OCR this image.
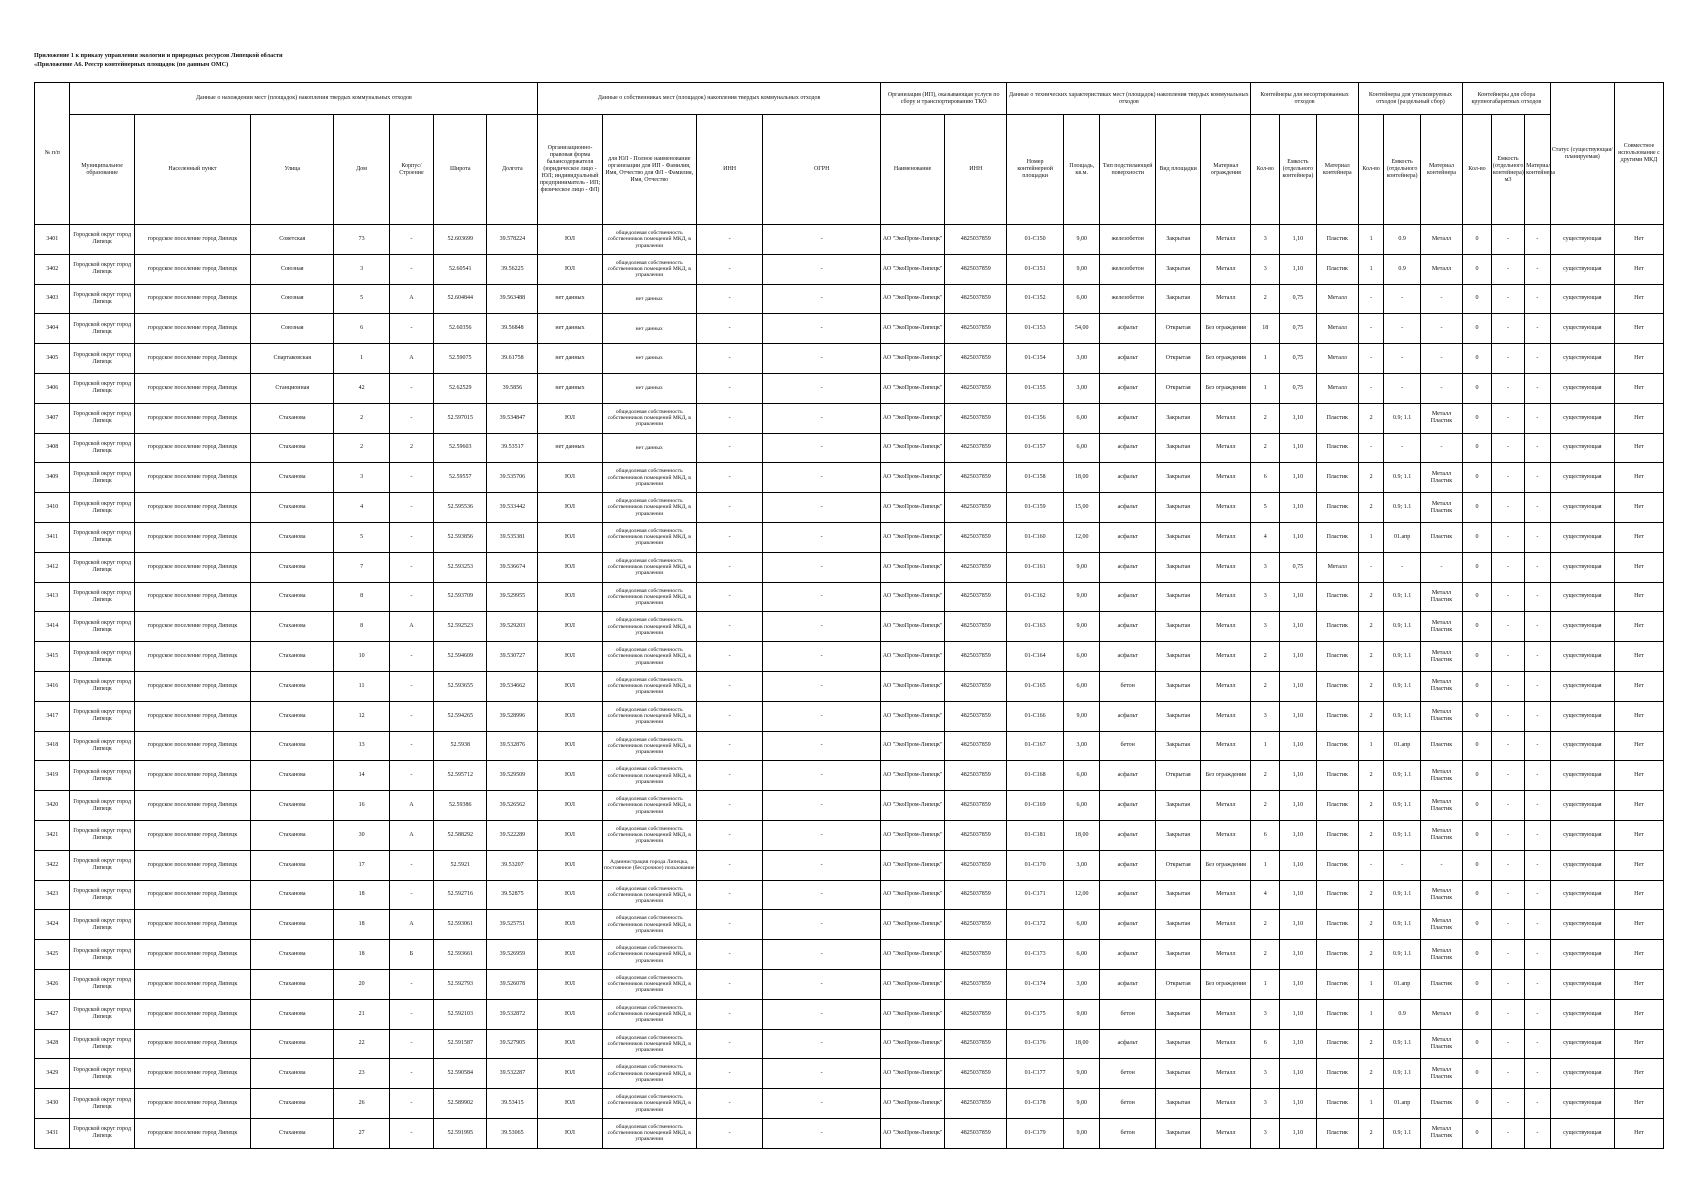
Приложение 1 к приказу управления экологии и природных ресурсов Липецкой области
«Приложение А6. Реестр контейнерных площадок (по данным ОМС)
№ п/п	Данные о нахождении мест (площадок) накопления твердых коммунальных отходов							Данные о собственниках мест (площадок) накопления твердых коммунальных отходов				Организация (ИП), оказывающая услуги по сбору и транспортированию ТКО		Данные о технических характеристиках мест (площадок) накопления твердых коммунальных отходов					Контейнеры для несортированных отходов			Контейнеры для утилизируемых отходов (раздельный сбор)			Контейнеры для сбора крупногабаритных отходов			Статус (существующая/ планируемая)	Совместное использование с другими МКД
	Муниципальное образование	Населенный пункт	Улица	Дом	Корпус/Строение	Широта	Долгота	Организационно-правовая форма балансодержателя (юридическое лицо - ЮЛ; индивидуальный предприниматель - ИП; физическое лицо - ФЛ)	для ЮЛ - Полное наименование организации для ИП - Фамилия, Имя, Отчество для ФЛ - Фамилия, Имя, Отчество	ИНН	ОГРН	Наименование	ИНН	Номер контейнерной площадки	Площадь, кв.м.	Тип подстилающей поверхности	Вид площадки	Материал ограждения	Кол-во	Емкость (отдельного контейнера)	Материал контейнера	Кол-во	Емкость (отдельного контейнера)	Материал контейнера	Кол-во	Емкость (отдельного контейнера) м3	Материал контейнера		
3401	Городской округ город Липецк	городское поселение город Липецк	Советская	73	-	52.603699	39.578224	ЮЛ	общедолевая собственность собственников помещений МКД, в управлении	-	-	АО "ЭкоПром-Липецк"	4825037859	01-С150	9,00	железобетон	Закрытая	Металл	3	1,10	Пластик	1	0.9	Металл	0	-	-	существующая	Нет
3402	Городской округ город Липецк	городское поселение город Липецк	Союзная	3	-	52.60541	39.56225	ЮЛ	общедолевая собственность собственников помещений МКД, в управлении	-	-	АО "ЭкоПром-Липецк"	4825037859	01-С151	9,00	железобетон	Закрытая	Металл	3	1,10	Пластик	1	0.9	Металл	0	-	-	существующая	Нет
3403	Городской округ город Липецк	городское поселение город Липецк	Союзная	5	А	52.604844	39.563488	нет данных	нет данных	-	-	АО "ЭкоПром-Липецк"	4825037859	01-С152	6,00	железобетон	Закрытая	Металл	2	0,75	Металл	-	-	-	0	-	-	существующая	Нет
3404	Городской округ город Липецк	городское поселение город Липецк	Союзная	6	-	52.60356	39.56848	нет данных	нет данных	-	-	АО "ЭкоПром-Липецк"	4825037859	01-С153	54,00	асфальт	Открытая	Без ограждения	18	0,75	Металл	-	-	-	0	-	-	существующая	Нет
3405	Городской округ город Липецк	городское поселение город Липецк	Спартаковская	1	А	52.59075	39.61758	нет данных	нет данных	-	-	АО "ЭкоПром-Липецк"	4825037859	01-С154	3,00	асфальт	Открытая	Без ограждения	1	0,75	Металл	-	-	-	0	-	-	существующая	Нет
3406	Городской округ город Липецк	городское поселение город Липецк	Станционная	42	-	52.62529	39.5856	нет данных	нет данных	-	-	АО "ЭкоПром-Липецк"	4825037859	01-С155	3,00	асфальт	Открытая	Без ограждения	1	0,75	Металл	-	-	-	0	-	-	существующая	Нет
3407	Городской округ город Липецк	городское поселение город Липецк	Стаханова	2	-	52.597015	39.534847	ЮЛ	общедолевая собственность собственников помещений МКД, в управлении	-	-	АО "ЭкоПром-Липецк"	4825037859	01-С156	6,00	асфальт	Закрытая	Металл	2	1,10	Пластик	2	0.9; 1.1	Металл Пластик	0	-	-	существующая	Нет
3408	Городской округ город Липецк	городское поселение город Липецк	Стаханова	2	2	52.59603	39.53517	нет данных	нет данных	-	-	АО "ЭкоПром-Липецк"	4825037859	01-С157	6,00	асфальт	Закрытая	Металл	2	1,10	Пластик	-	-	-	0	-	-	существующая	Нет
3409	Городской округ город Липецк	городское поселение город Липецк	Стаханова	3	-	52.59557	39.535706	ЮЛ	общедолевая собственность собственников помещений МКД, в управлении	-	-	АО "ЭкоПром-Липецк"	4825037859	01-С158	18,00	асфальт	Закрытая	Металл	6	1,10	Пластик	2	0.9; 1.1	Металл Пластик	0	-	-	существующая	Нет
3410	Городской округ город Липецк	городское поселение город Липецк	Стаханова	4	-	52.595536	39.533442	ЮЛ	общедолевая собственность собственников помещений МКД, в управлении	-	-	АО "ЭкоПром-Липецк"	4825037859	01-С159	15,00	асфальт	Закрытая	Металл	5	1,10	Пластик	2	0.9; 1.1	Металл Пластик	0	-	-	существующая	Нет
3411	Городской округ город Липецк	городское поселение город Липецк	Стаханова	5	-	52.593856	39.535381	ЮЛ	общедолевая собственность собственников помещений МКД, в управлении	-	-	АО "ЭкоПром-Липецк"	4825037859	01-С160	12,00	асфальт	Закрытая	Металл	4	1,10	Пластик	1	01.апр	Пластик	0	-	-	существующая	Нет
3412	Городской округ город Липецк	городское поселение город Липецк	Стаханова	7	-	52.593253	39.536674	ЮЛ	общедолевая собственность собственников помещений МКД, в управлении	-	-	АО "ЭкоПром-Липецк"	4825037859	01-С161	9,00	асфальт	Закрытая	Металл	3	0,75	Металл	-	-	-	0	-	-	существующая	Нет
3413	Городской округ город Липецк	городское поселение город Липецк	Стаханова	8	-	52.593709	39.529955	ЮЛ	общедолевая собственность собственников помещений МКД, в управлении	-	-	АО "ЭкоПром-Липецк"	4825037859	01-С162	9,00	асфальт	Закрытая	Металл	3	1,10	Пластик	2	0.9; 1.1	Металл Пластик	0	-	-	существующая	Нет
3414	Городской округ город Липецк	городское поселение город Липецк	Стаханова	8	А	52.592523	39.529203	ЮЛ	общедолевая собственность собственников помещений МКД, в управлении	-	-	АО "ЭкоПром-Липецк"	4825037859	01-С163	9,00	асфальт	Закрытая	Металл	3	1,10	Пластик	2	0.9; 1.1	Металл Пластик	0	-	-	существующая	Нет
3415	Городской округ город Липецк	городское поселение город Липецк	Стаханова	10	-	52.594609	39.530727	ЮЛ	общедолевая собственность собственников помещений МКД, в управлении	-	-	АО "ЭкоПром-Липецк"	4825037859	01-С164	6,00	асфальт	Закрытая	Металл	2	1,10	Пластик	2	0.9; 1.1	Металл Пластик	0	-	-	существующая	Нет
3416	Городской округ город Липецк	городское поселение город Липецк	Стаханова	11	-	52.593655	39.534662	ЮЛ	общедолевая собственность собственников помещений МКД, в управлении	-	-	АО "ЭкоПром-Липецк"	4825037859	01-С165	6,00	бетон	Закрытая	Металл	2	1,10	Пластик	2	0.9; 1.1	Металл Пластик	0	-	-	существующая	Нет
3417	Городской округ город Липецк	городское поселение город Липецк	Стаханова	12	-	52.594265	39.528996	ЮЛ	общедолевая собственность собственников помещений МКД, в управлении	-	-	АО "ЭкоПром-Липецк"	4825037859	01-С166	9,00	асфальт	Закрытая	Металл	3	1,10	Пластик	2	0.9; 1.1	Металл Пластик	0	-	-	существующая	Нет
3418	Городской округ город Липецк	городское поселение город Липецк	Стаханова	13	-	52.5938	39.532876	ЮЛ	общедолевая собственность собственников помещений МКД, в управлении	-	-	АО "ЭкоПром-Липецк"	4825037859	01-С167	3,00	бетон	Закрытая	Металл	1	1,10	Пластик	1	01.апр	Пластик	0	-	-	существующая	Нет
3419	Городской округ город Липецк	городское поселение город Липецк	Стаханова	14	-	52.595712	39.529509	ЮЛ	общедолевая собственность собственников помещений МКД, в управлении	-	-	АО "ЭкоПром-Липецк"	4825037859	01-С168	6,00	асфальт	Открытая	Без ограждения	2	1,10	Пластик	2	0.9; 1.1	Металл Пластик	0	-	-	существующая	Нет
3420	Городской округ город Липецк	городское поселение город Липецк	Стаханова	16	А	52.59386	39.526562	ЮЛ	общедолевая собственность собственников помещений МКД, в управлении	-	-	АО "ЭкоПром-Липецк"	4825037859	01-С169	6,00	асфальт	Закрытая	Металл	2	1,10	Пластик	2	0.9; 1.1	Металл Пластик	0	-	-	существующая	Нет
3421	Городской округ город Липецк	городское поселение город Липецк	Стаханова	30	А	52.588292	39.522289	ЮЛ	общедолевая собственность собственников помещений МКД, в управлении	-	-	АО "ЭкоПром-Липецк"	4825037859	01-С181	18,00	асфальт	Закрытая	Металл	6	1,10	Пластик	2	0.9; 1.1	Металл Пластик	0	-	-	существующая	Нет
3422	Городской округ город Липецк	городское поселение город Липецк	Стаханова	17	-	52.5921	39.53207	ЮЛ	Администрация города Липецка, постоянное (бессрочное) пользование	-	-	АО "ЭкоПром-Липецк"	4825037859	01-С170	3,00	асфальт	Открытая	Без ограждения	1	1,10	Пластик	-	-	-	0	-	-	существующая	Нет
3423	Городской округ город Липецк	городское поселение город Липецк	Стаханова	18	-	52.592716	39.52875	ЮЛ	общедолевая собственность собственников помещений МКД, в управлении	-	-	АО "ЭкоПром-Липецк"	4825037859	01-С171	12,00	асфальт	Закрытая	Металл	4	1,10	Пластик	2	0.9; 1.1	Металл Пластик	0	-	-	существующая	Нет
3424	Городской округ город Липецк	городское поселение город Липецк	Стаханова	18	А	52.593061	39.525751	ЮЛ	общедолевая собственность собственников помещений МКД, в управлении	-	-	АО "ЭкоПром-Липецк"	4825037859	01-С172	6,00	асфальт	Закрытая	Металл	2	1,10	Пластик	2	0.9; 1.1	Металл Пластик	0	-	-	существующая	Нет
3425	Городской округ город Липецк	городское поселение город Липецк	Стаханова	18	Б	52.593661	39.526959	ЮЛ	общедолевая собственность собственников помещений МКД, в управлении	-	-	АО "ЭкоПром-Липецк"	4825037859	01-С173	6,00	асфальт	Закрытая	Металл	2	1,10	Пластик	2	0.9; 1.1	Металл Пластик	0	-	-	существующая	Нет
3426	Городской округ город Липецк	городское поселение город Липецк	Стаханова	20	-	52.592793	39.526078	ЮЛ	общедолевая собственность собственников помещений МКД, в управлении	-	-	АО "ЭкоПром-Липецк"	4825037859	01-С174	3,00	асфальт	Открытая	Без ограждения	1	1,10	Пластик	1	01.апр	Пластик	0	-	-	существующая	Нет
3427	Городской округ город Липецк	городское поселение город Липецк	Стаханова	21	-	52.592103	39.532872	ЮЛ	общедолевая собственность собственников помещений МКД, в управлении	-	-	АО "ЭкоПром-Липецк"	4825037859	01-С175	9,00	бетон	Закрытая	Металл	3	1,10	Пластик	1	0.9	Металл	0	-	-	существующая	Нет
3428	Городской округ город Липецк	городское поселение город Липецк	Стаханова	22	-	52.591587	39.527905	ЮЛ	общедолевая собственность собственников помещений МКД, в управлении	-	-	АО "ЭкоПром-Липецк"	4825037859	01-С176	18,00	асфальт	Закрытая	Металл	6	1,10	Пластик	2	0.9; 1.1	Металл Пластик	0	-	-	существующая	Нет
3429	Городской округ город Липецк	городское поселение город Липецк	Стаханова	23	-	52.590584	39.532287	ЮЛ	общедолевая собственность собственников помещений МКД, в управлении	-	-	АО "ЭкоПром-Липецк"	4825037859	01-С177	9,00	бетон	Закрытая	Металл	3	1,10	Пластик	2	0.9; 1.1	Металл Пластик	0	-	-	существующая	Нет
3430	Городской округ город Липецк	городское поселение город Липецк	Стаханова	26	-	52.589902	39.53415	ЮЛ	общедолевая собственность собственников помещений МКД, в управлении	-	-	АО "ЭкоПром-Липецк"	4825037859	01-С178	9,00	бетон	Закрытая	Металл	3	1,10	Пластик	1	01.апр	Пластик	0	-	-	существующая	Нет
3431	Городской округ город Липецк	городское поселение город Липецк	Стаханова	27	-	52.591995	39.53065	ЮЛ	общедолевая собственность собственников помещений МКД, в управлении	-	-	АО "ЭкоПром-Липецк"	4825037859	01-С179	9,00	бетон	Закрытая	Металл	3	1,10	Пластик	2	0.9; 1.1	Металл Пластик	0	-	-	существующая	Нет
